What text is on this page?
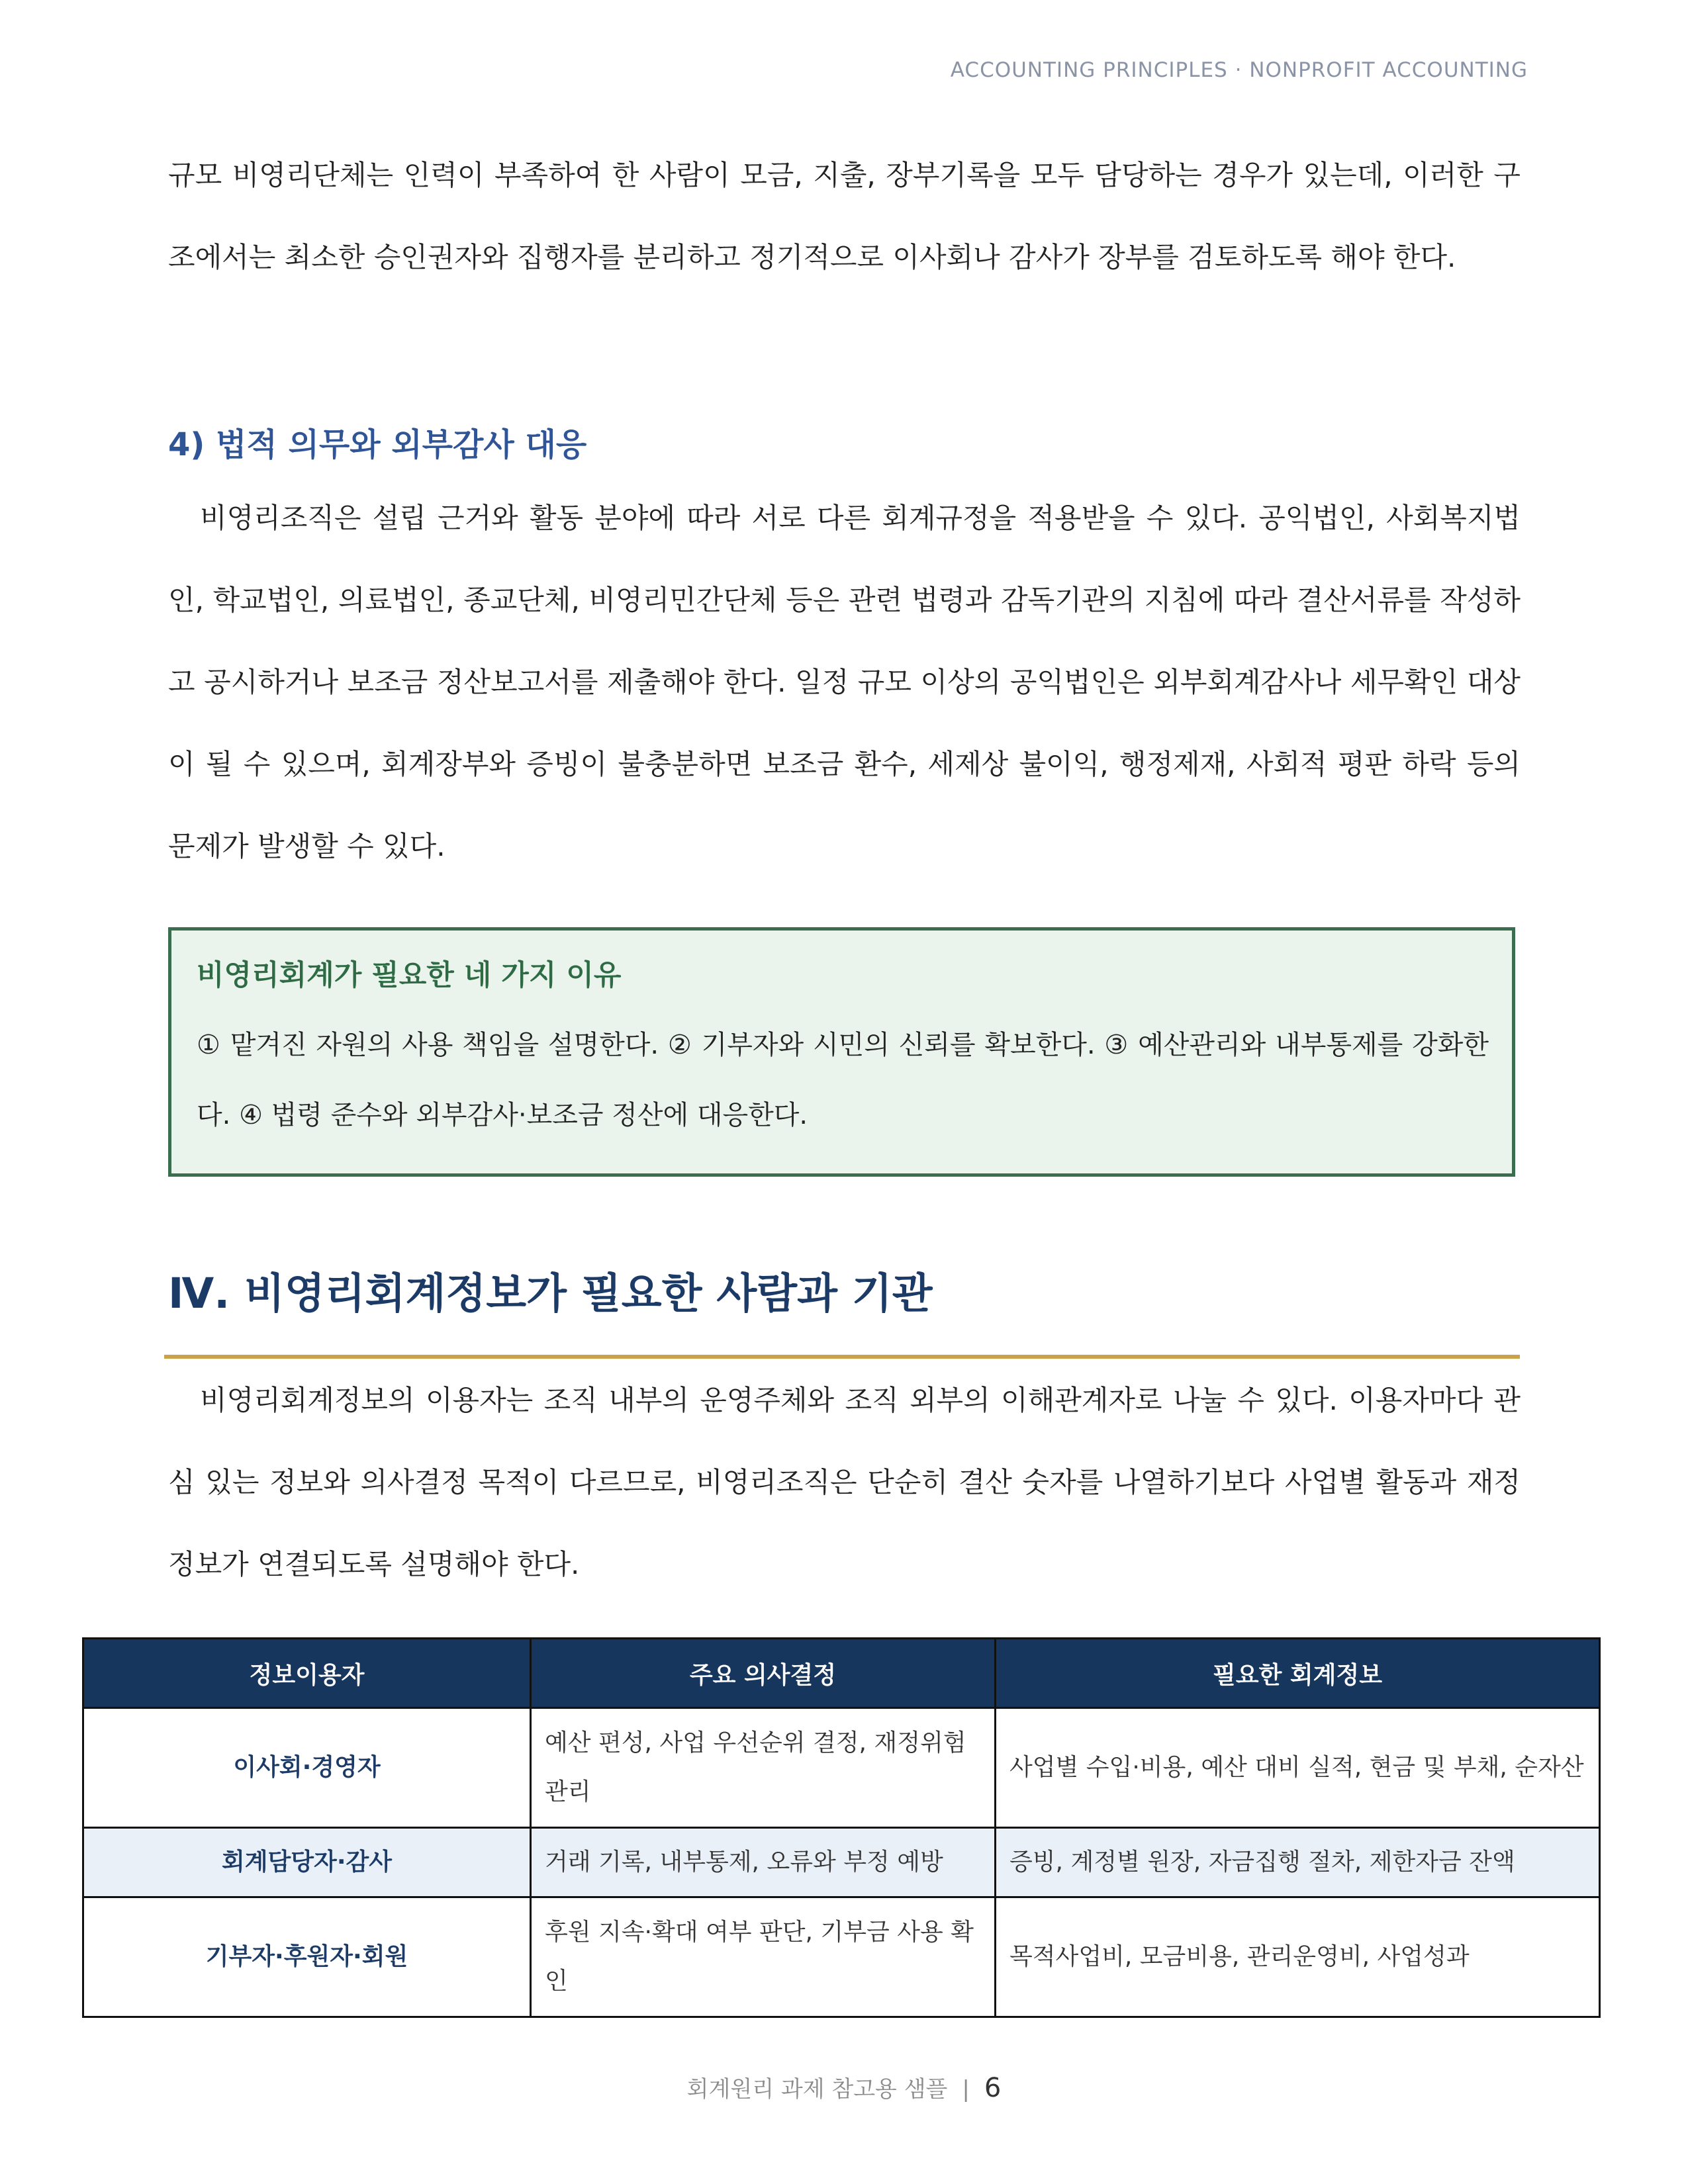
ACCOUNTING PRINCIPLES · NONPROFIT ACCOUNTING

규모 비영리단체는 인력이 부족하여 한 사람이 모금, 지출, 장부기록을 모두 담당하는 경우가 있는데, 이러한 구조에서는 최소한 승인권자와 집행자를 분리하고 정기적으로 이사회나 감사가 장부를 검토하도록 해야 한다.

4) 법적 의무와 외부감사 대응

비영리조직은 설립 근거와 활동 분야에 따라 서로 다른 회계규정을 적용받을 수 있다. 공익법인, 사회복지법인, 학교법인, 의료법인, 종교단체, 비영리민간단체 등은 관련 법령과 감독기관의 지침에 따라 결산서류를 작성하고 공시하거나 보조금 정산보고서를 제출해야 한다. 일정 규모 이상의 공익법인은 외부회계감사나 세무확인 대상이 될 수 있으며, 회계장부와 증빙이 불충분하면 보조금 환수, 세제상 불이익, 행정제재, 사회적 평판 하락 등의 문제가 발생할 수 있다.

비영리회계가 필요한 네 가지 이유
① 맡겨진 자원의 사용 책임을 설명한다. ② 기부자와 시민의 신뢰를 확보한다. ③ 예산관리와 내부통제를 강화한다. ④ 법령 준수와 외부감사·보조금 정산에 대응한다.
Ⅳ. 비영리회계정보가 필요한 사람과 기관

비영리회계정보의 이용자는 조직 내부의 운영주체와 조직 외부의 이해관계자로 나눌 수 있다. 이용자마다 관심 있는 정보와 의사결정 목적이 다르므로, 비영리조직은 단순히 결산 숫자를 나열하기보다 사업별 활동과 재정정보가 연결되도록 설명해야 한다.

정보이용자	주요 의사결정	필요한 회계정보
이사회·경영자	예산 편성, 사업 우선순위 결정, 재정위험 관리	사업별 수입·비용, 예산 대비 실적, 현금 및 부채, 순자산
회계담당자·감사	거래 기록, 내부통제, 오류와 부정 예방	증빙, 계정별 원장, 자금집행 절차, 제한자금 잔액
기부자·후원자·회원	후원 지속·확대 여부 판단, 기부금 사용 확인	목적사업비, 모금비용, 관리운영비, 사업성과
회계원리 과제 참고용 샘플 | 6
